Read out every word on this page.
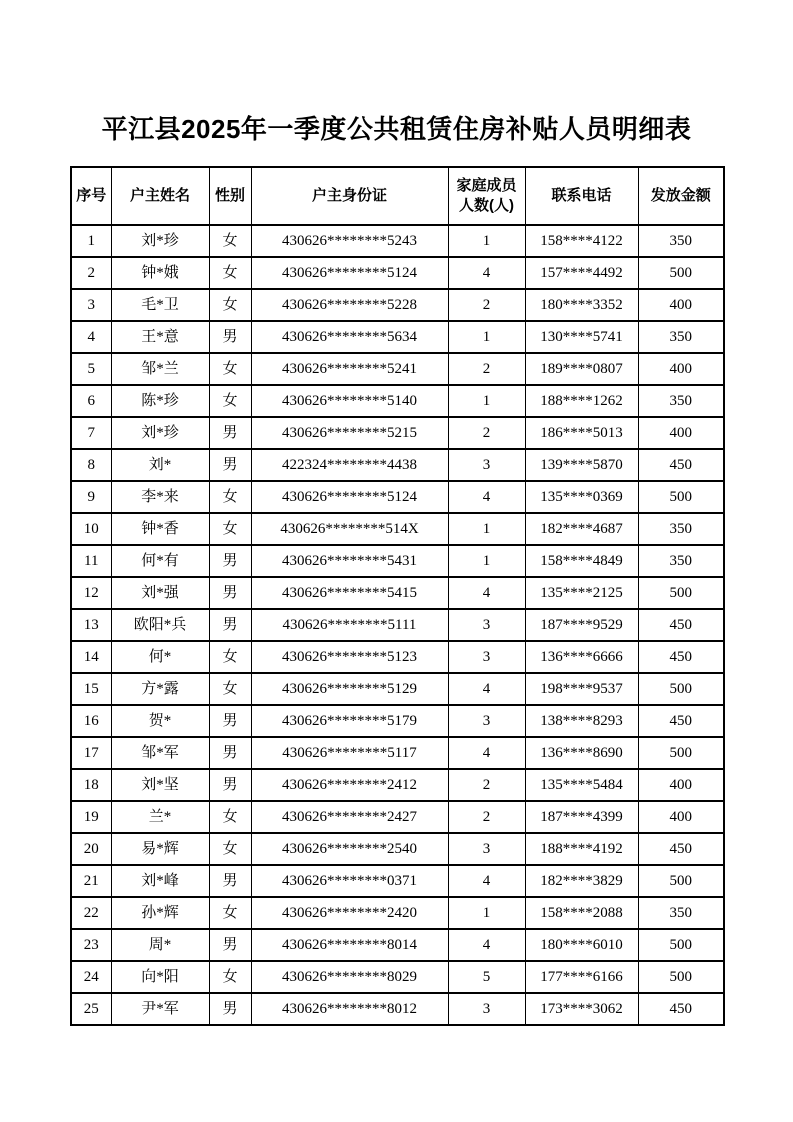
平江县2025年一季度公共租赁住房补贴人员明细表
序号	户主姓名	性别	户主身份证	家庭成员人数(人)	联系电话	发放金额
1	刘*珍	女	430626********5243	1	158****4122	350
2	钟*娥	女	430626********5124	4	157****4492	500
3	毛*卫	女	430626********5228	2	180****3352	400
4	王*意	男	430626********5634	1	130****5741	350
5	邹*兰	女	430626********5241	2	189****0807	400
6	陈*珍	女	430626********5140	1	188****1262	350
7	刘*珍	男	430626********5215	2	186****5013	400
8	刘*	男	422324********4438	3	139****5870	450
9	李*来	女	430626********5124	4	135****0369	500
10	钟*香	女	430626********514X	1	182****4687	350
11	何*有	男	430626********5431	1	158****4849	350
12	刘*强	男	430626********5415	4	135****2125	500
13	欧阳*兵	男	430626********5111	3	187****9529	450
14	何*	女	430626********5123	3	136****6666	450
15	方*露	女	430626********5129	4	198****9537	500
16	贺*	男	430626********5179	3	138****8293	450
17	邹*军	男	430626********5117	4	136****8690	500
18	刘*坚	男	430626********2412	2	135****5484	400
19	兰*	女	430626********2427	2	187****4399	400
20	易*辉	女	430626********2540	3	188****4192	450
21	刘*峰	男	430626********0371	4	182****3829	500
22	孙*辉	女	430626********2420	1	158****2088	350
23	周*	男	430626********8014	4	180****6010	500
24	向*阳	女	430626********8029	5	177****6166	500
25	尹*军	男	430626********8012	3	173****3062	450
